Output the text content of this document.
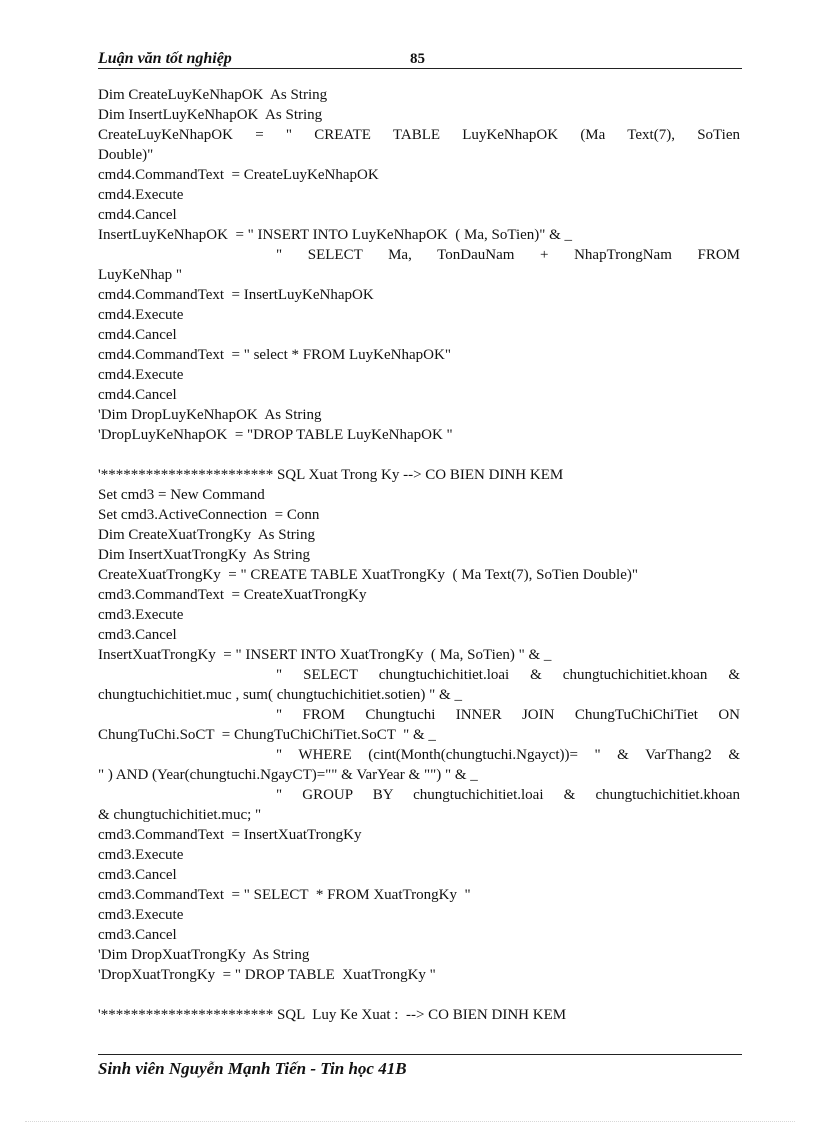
Luận văn tốt nghiệp	85
Dim CreateLuyKeNhapOK  As String
Dim InsertLuyKeNhapOK  As String
CreateLuyKeNhapOK = " CREATE TABLE LuyKeNhapOK (Ma Text(7), SoTien
Double)"
cmd4.CommandText  = CreateLuyKeNhapOK
cmd4.Execute
cmd4.Cancel
InsertLuyKeNhapOK  = " INSERT INTO LuyKeNhapOK  ( Ma, SoTien)" & _
" SELECT Ma, TonDauNam + NhapTrongNam FROM
LuyKeNhap "
cmd4.CommandText  = InsertLuyKeNhapOK
cmd4.Execute
cmd4.Cancel
cmd4.CommandText  = " select * FROM LuyKeNhapOK"
cmd4.Execute
cmd4.Cancel
'Dim DropLuyKeNhapOK  As String
'DropLuyKeNhapOK  = "DROP TABLE LuyKeNhapOK "
'*********************** SQL Xuat Trong Ky --> CO BIEN DINH KEM
Set cmd3 = New Command
Set cmd3.ActiveConnection  = Conn
Dim CreateXuatTrongKy  As String
Dim InsertXuatTrongKy  As String
CreateXuatTrongKy  = " CREATE TABLE XuatTrongKy  ( Ma Text(7), SoTien Double)"
cmd3.CommandText  = CreateXuatTrongKy
cmd3.Execute
cmd3.Cancel
InsertXuatTrongKy  = " INSERT INTO XuatTrongKy  ( Ma, SoTien) " & _
" SELECT chungtuchichitiet.loai & chungtuchichitiet.khoan &
chungtuchichitiet.muc , sum( chungtuchichitiet.sotien) " & _
" FROM Chungtuchi INNER JOIN ChungTuChiChiTiet ON
ChungTuChi.SoCT  = ChungTuChiChiTiet.SoCT  " & _
" WHERE (cint(Month(chungtuchi.Ngayct))= " & VarThang2 &
" ) AND (Year(chungtuchi.NgayCT)="" & VarYear & "") " & _
" GROUP BY chungtuchichitiet.loai & chungtuchichitiet.khoan
& chungtuchichitiet.muc; "
cmd3.CommandText  = InsertXuatTrongKy
cmd3.Execute
cmd3.Cancel
cmd3.CommandText  = " SELECT  * FROM XuatTrongKy  "
cmd3.Execute
cmd3.Cancel
'Dim DropXuatTrongKy  As String
'DropXuatTrongKy  = " DROP TABLE  XuatTrongKy "
'*********************** SQL  Luy Ke Xuat :  --> CO BIEN DINH KEM
Sinh viên Nguyễn Mạnh Tiến - Tin học 41B
